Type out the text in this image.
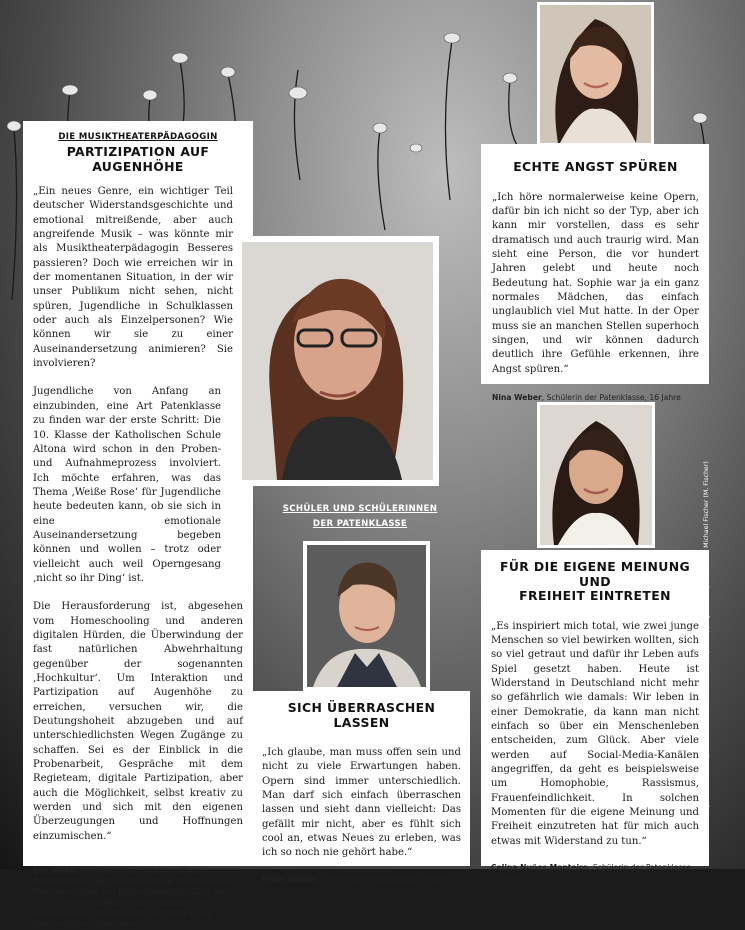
DIE MUSIKTHEATERPÄDAGOGIN
PARTIZIPATION AUF
AUGENHÖHE

„Ein neues Genre, ein wichtiger Teil deutscher Widerstandsgeschichte und emotional mitreißende, aber auch angreifende Musik – was könnte mir als Musiktheaterpädagogin Besseres passieren? Doch wie erreichen wir in der momentanen Situation, in der wir unser Publikum nicht sehen, nicht spüren, Jugendliche in Schulklassen oder auch als Einzelpersonen? Wie können wir sie zu einer Auseinandersetzung animieren? Sie involvieren?

Jugendliche von Anfang an einzubinden, eine Art Patenklasse zu finden war der erste Schritt: Die 10. Klasse der Katholischen Schule Altona wird schon in den Proben- und Aufnahmeprozess involviert. Ich möchte erfahren, was das Thema ‚Weiße Rose‘ für Jugendliche heute bedeuten kann, ob sie sich in eine emotionale Auseinandersetzung begeben können und wollen – trotz oder vielleicht auch weil Operngesang ‚nicht so ihr Ding‘ ist.

Die Herausforderung ist, abgesehen vom Homeschooling und anderen digitalen Hürden, die Überwindung der fast natürlichen Abwehrhaltung gegenüber der sogenannten ‚Hochkultur‘. Um Interaktion und Partizipation auf Augenhöhe zu erreichen, versuchen wir, die Deutungshoheit abzugeben und auf unterschiedlichsten Wegen Zugänge zu schaffen. Sei es der Einblick in die Probenarbeit, Gespräche mit dem Regieteam, digitale Partizipation, aber auch die Möglichkeit, selbst kreativ zu werden und sich mit den eigenen Überzeugungen und Hoffnungen einzumischen.“

Eva Binkle, geboren in Saarbrücken, Studium Orchestermusik mit Hauptfach Oboe, Masterstudium Musikvermittlung und Konzertpädagogik, 2013 bis 2015 Oboistin und Musiktheaterpädagogin am Saarländischen Staatstheater, seit 2015 an der Hamburgischen Staatsoper
ECHTE ANGST SPÜREN

„Ich höre normalerweise keine Opern, dafür bin ich nicht so der Typ, aber ich kann mir vorstellen, dass es sehr dramatisch und auch traurig wird. Man sieht eine Person, die vor hundert Jahren gelebt und heute noch Bedeutung hat. Sophie war ja ein ganz normales Mädchen, das einfach unglaublich viel Mut hatte. In der Oper muss sie an manchen Stellen superhoch singen, und wir können dadurch deutlich ihre Gefühle erkennen, ihre Angst spüren.“

Nina Weber, Schülerin der Patenklasse, 16 Jahre
SCHÜLER UND SCHÜLERINNEN
DER PATENKLASSE
SICH ÜBERRASCHEN LASSEN

„Ich glaube, man muss offen sein und nicht zu viele Erwartungen haben. Opern sind immer unterschiedlich. Man darf sich einfach überraschen lassen und sieht dann vielleicht: Das gefällt mir nicht, aber es fühlt sich cool an, etwas Neues zu erleben, was ich so noch nie gehört habe.“

Milan Wöhler, Schüler der Patenklasse, 16 Jahre
FÜR DIE EIGENE MEINUNG UND
FREIHEIT EINTRETEN

„Es inspiriert mich total, wie zwei junge Menschen so viel bewirken wollten, sich so viel getraut und dafür ihr Leben aufs Spiel gesetzt haben. Heute ist Widerstand in Deutschland nicht mehr so gefährlich wie damals: Wir leben in einer Demokratie, da kann man nicht einfach so über ein Menschenleben entscheiden, zum Glück. Aber viele werden auf Social-Media-Kanälen angegriffen, da geht es beispielsweise um Homophobie, Rassismus, Frauenfeindlichkeit. In solchen Momenten für die eigene Meinung und Freiheit einzutreten hat für mich auch etwas mit Widerstand zu tun.“

Celina Nuñes Monteiro, Schülerin der Patenklasse, 15 Jahre
Fotos: Michael Haydn (E. Binkle), privat (Schüler der Patenklasse), Jörn Kipping (M.-O. Bjorkmanns), Michael Fischer (M. Fischer)
